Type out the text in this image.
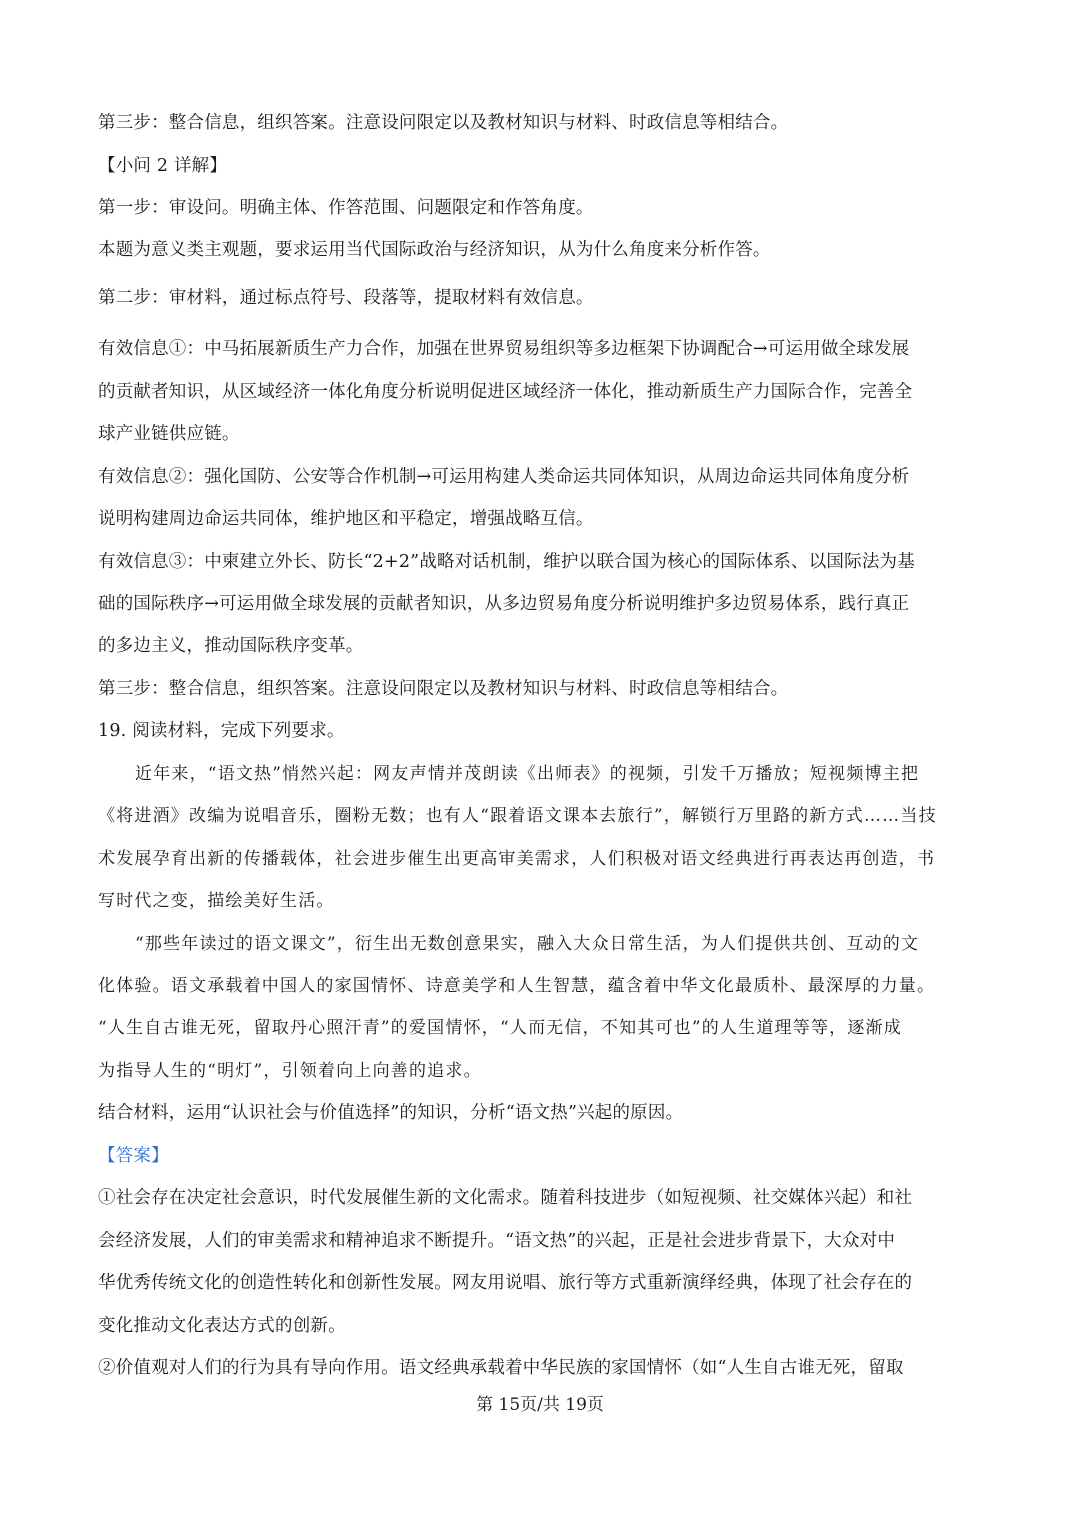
第三步：整合信息，组织答案。注意设问限定以及教材知识与材料、时政信息等相结合。
【小问 2 详解】
第一步：审设问。明确主体、作答范围、问题限定和作答角度。
本题为意义类主观题，要求运用当代国际政治与经济知识，从为什么角度来分析作答。
第二步：审材料，通过标点符号、段落等，提取材料有效信息。
有效信息①：中马拓展新质生产力合作，加强在世界贸易组织等多边框架下协调配合→可运用做全球发展
的贡献者知识，从区域经济一体化角度分析说明促进区域经济一体化，推动新质生产力国际合作，完善全
球产业链供应链。
有效信息②：强化国防、公安等合作机制→可运用构建人类命运共同体知识，从周边命运共同体角度分析
说明构建周边命运共同体，维护地区和平稳定，增强战略互信。
有效信息③：中柬建立外长、防长“2+2”战略对话机制，维护以联合国为核心的国际体系、以国际法为基
础的国际秩序→可运用做全球发展的贡献者知识，从多边贸易角度分析说明维护多边贸易体系，践行真正
的多边主义，推动国际秩序变革。
第三步：整合信息，组织答案。注意设问限定以及教材知识与材料、时政信息等相结合。
19. 阅读材料，完成下列要求。
近年来，“语文热”悄然兴起：网友声情并茂朗读《出师表》的视频，引发千万播放；短视频博主把
《将进酒》改编为说唱音乐，圈粉无数；也有人“跟着语文课本去旅行”，解锁行万里路的新方式……当技
术发展孕育出新的传播载体，社会进步催生出更高审美需求，人们积极对语文经典进行再表达再创造，书
写时代之变，描绘美好生活。
“那些年读过的语文课文”，衍生出无数创意果实，融入大众日常生活，为人们提供共创、互动的文
化体验。语文承载着中国人的家国情怀、诗意美学和人生智慧，蕴含着中华文化最质朴、最深厚的力量。
“人生自古谁无死，留取丹心照汗青”的爱国情怀，“人而无信，不知其可也”的人生道理等等，逐渐成
为指导人生的“明灯”，引领着向上向善的追求。
结合材料，运用“认识社会与价值选择”的知识，分析“语文热”兴起的原因。
【答案】
①社会存在决定社会意识，时代发展催生新的文化需求。随着科技进步（如短视频、社交媒体兴起）和社
会经济发展，人们的审美需求和精神追求不断提升。“语文热”的兴起，正是社会进步背景下，大众对中
华优秀传统文化的创造性转化和创新性发展。网友用说唱、旅行等方式重新演绎经典，体现了社会存在的
变化推动文化表达方式的创新。
②价值观对人们的行为具有导向作用。语文经典承载着中华民族的家国情怀（如“人生自古谁无死，留取
第 15页/共 19页
